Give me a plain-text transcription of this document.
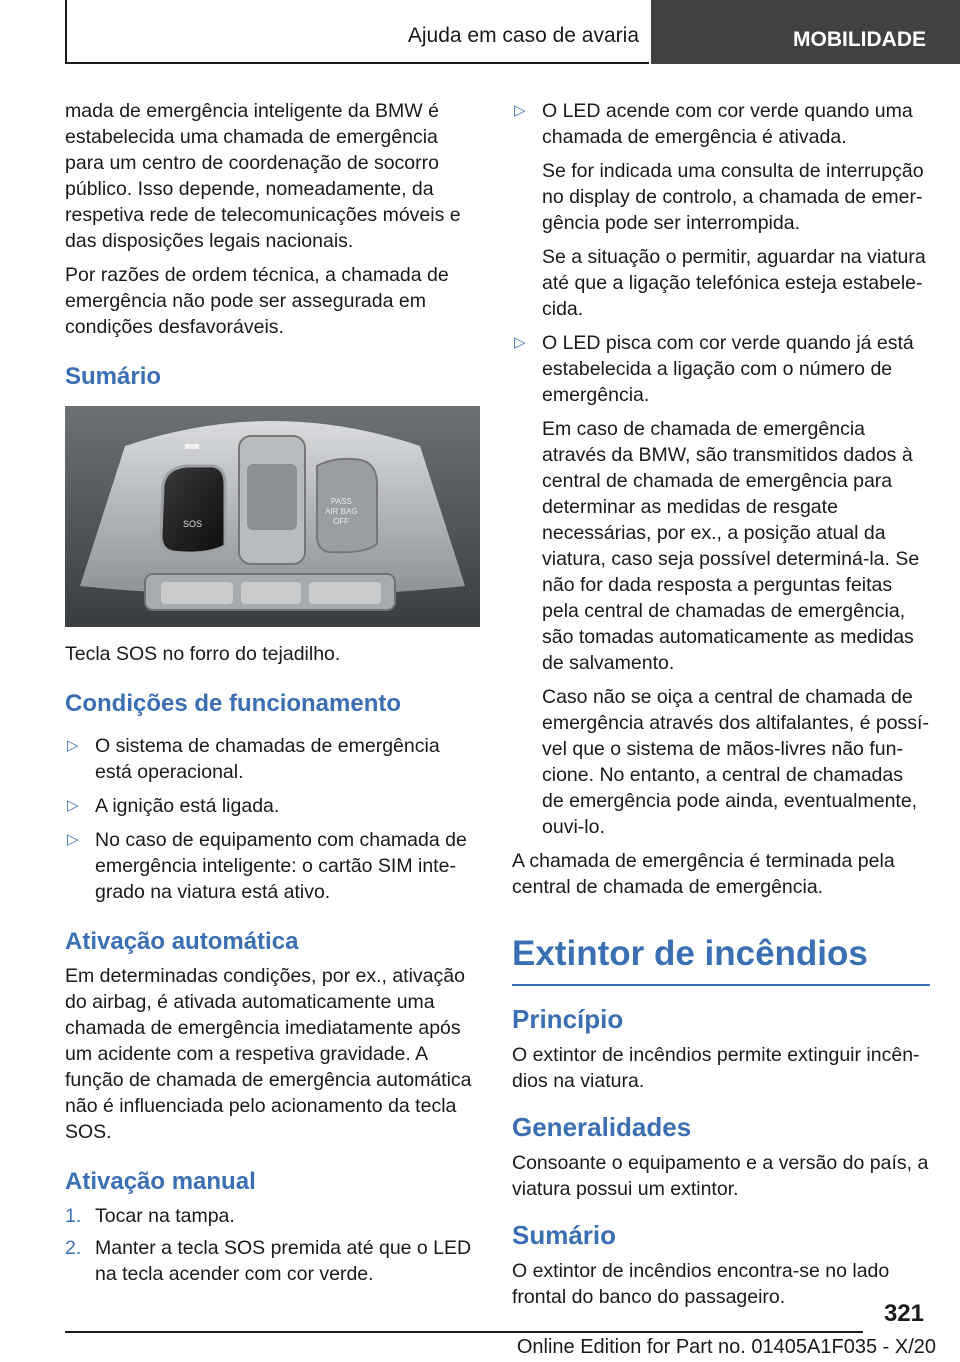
Ajuda em caso de avaria	MOBILIDADE

mada de emergência inteligente da BMW é estabelecida uma chamada de emergência para um centro de coordenação de socorro público. Isso depende, nomeadamente, da respetiva rede de telecomunicações móveis e das disposições legais nacionais.

Por razões de ordem técnica, a chamada de emergência não pode ser assegurada em condições desfavoráveis.

Sumário
SOS
PASS
AIR BAG
OFF

Tecla SOS no forro do tejadilho.

Condições de funcionamento
▷ O sistema de chamadas de emergência está operacional.
▷ A ignição está ligada.
▷ No caso de equipamento com chamada de emergência inteligente: o cartão SIM integrado na viatura está ativo.
Ativação automática

Em determinadas condições, por ex., ativação do airbag, é ativada automaticamente uma chamada de emergência imediatamente após um acidente com a respetiva gravidade. A função de chamada de emergência automática não é influenciada pelo acionamento da tecla SOS.

Ativação manual
1. Tocar na tampa.
2. Manter a tecla SOS premida até que o LED na tecla acender com cor verde.
▷ O LED acende com cor verde quando uma chamada de emergência é ativada.
Se for indicada uma consulta de interrupção no display de controlo, a chamada de emergência pode ser interrompida.
Se a situação o permitir, aguardar na viatura até que a ligação telefónica esteja estabelecida.
▷ O LED pisca com cor verde quando já está estabelecida a ligação com o número de emergência.
Em caso de chamada de emergência através da BMW, são transmitidos dados à central de chamada de emergência para determinar as medidas de resgate necessárias, por ex., a posição atual da viatura, caso seja possível determiná-la. Se não for dada resposta a perguntas feitas pela central de chamadas de emergência, são tomadas automaticamente as medidas de salvamento.
Caso não se oiça a central de chamada de emergência através dos altifalantes, é possível que o sistema de mãos-livres não funcione. No entanto, a central de chamadas de emergência pode ainda, eventualmente, ouvi-lo.

A chamada de emergência é terminada pela central de chamada de emergência.

Extintor de incêndios
Princípio

O extintor de incêndios permite extinguir incêndios na viatura.

Generalidades

Consoante o equipamento e a versão do país, a viatura possui um extintor.

Sumário

O extintor de incêndios encontra-se no lado frontal do banco do passageiro.

321
Online Edition for Part no. 01405A1F035 - X/20
